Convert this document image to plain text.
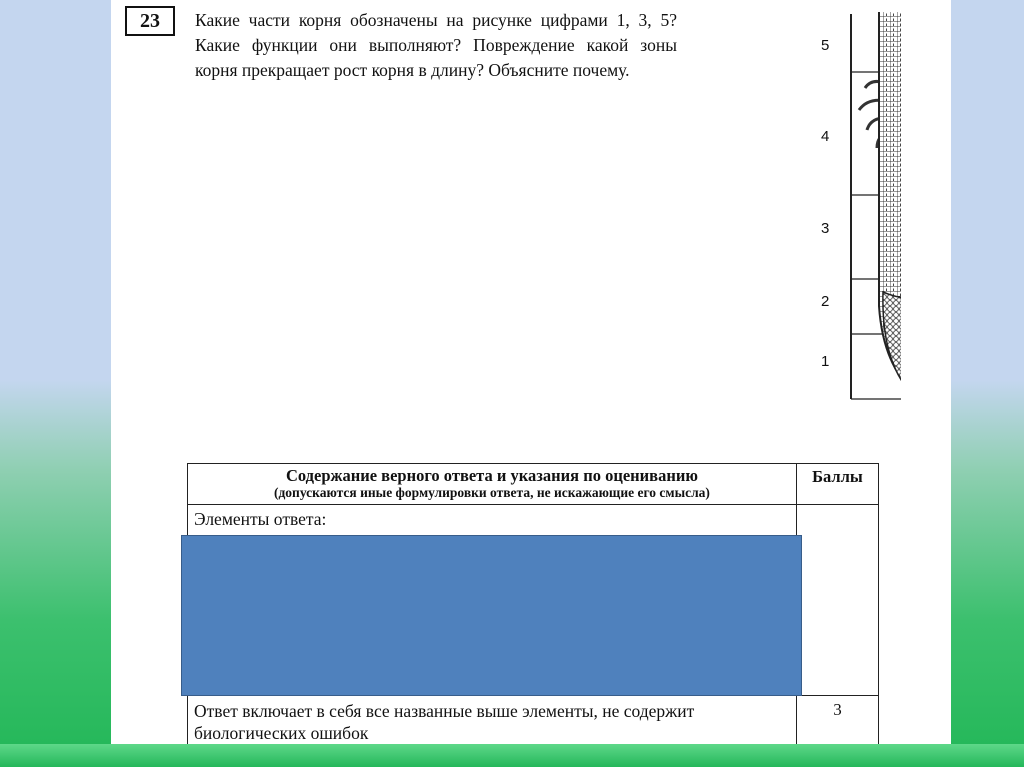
23	Какие части корня обозначены на рисунке цифрами 1, 3, 5? Какие функции они выполняют? Повреждение какой зоны корня прекращает рост корня в длину? Объясните почему.

5
4
3
2
1
Содержание верного ответа и указания по оцениванию
(допускаются иные формулировки ответа, не искажающие его смысла)	Баллы
Элементы ответа:	
Ответ включает в себя все названные выше элементы, не содержит биологических ошибок	3
